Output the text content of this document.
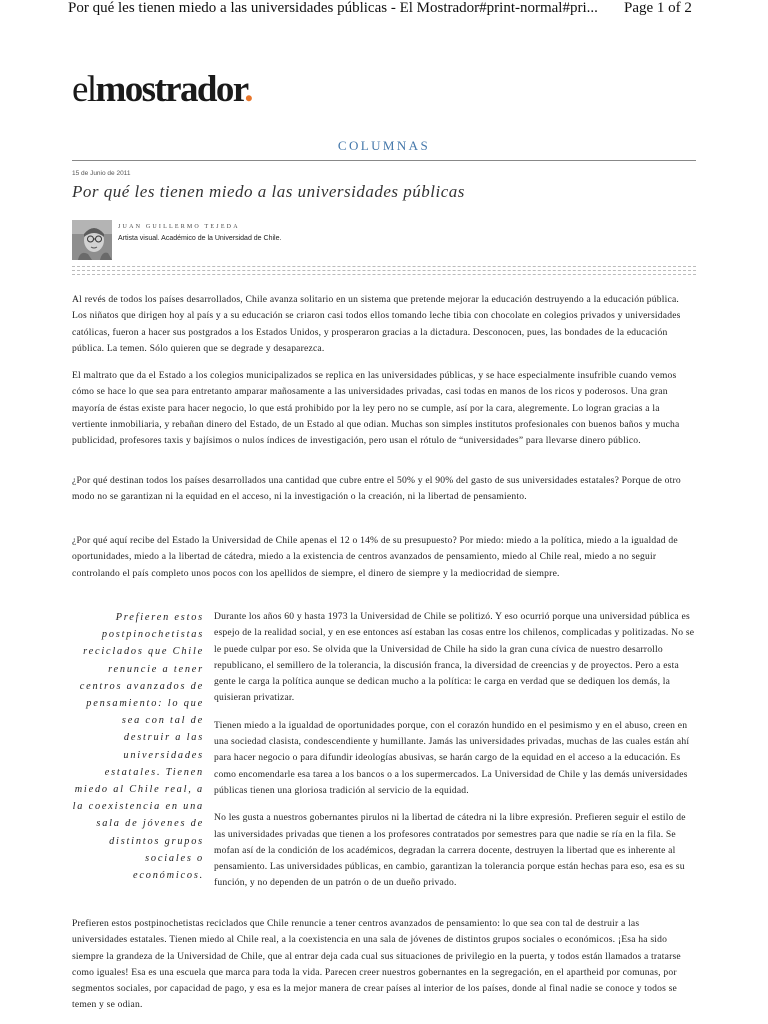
Por qué les tienen miedo a las universidades públicas - El Mostrador#print-normal#pri... Page 1 of 2
elmostrador.
COLUMNAS
15 de Junio de 2011
Por qué les tienen miedo a las universidades públicas
JUAN GUILLERMO TEJEDA
Artista visual. Académico de la Universidad de Chile.

Al revés de todos los países desarrollados, Chile avanza solitario en un sistema que pretende mejorar la educación destruyendo a la educación pública. Los niñatos que dirigen hoy al país y a su educación se criaron casi todos ellos tomando leche tibia con chocolate en colegios privados y universidades católicas, fueron a hacer sus postgrados a los Estados Unidos, y prosperaron gracias a la dictadura. Desconocen, pues, las bondades de la educación pública. La temen. Sólo quieren que se degrade y desaparezca.

El maltrato que da el Estado a los colegios municipalizados se replica en las universidades públicas, y se hace especialmente insufrible cuando vemos cómo se hace lo que sea para entretanto amparar mañosamente a las universidades privadas, casi todas en manos de los ricos y poderosos. Una gran mayoría de éstas existe para hacer negocio, lo que está prohibido por la ley pero no se cumple, así por la cara, alegremente. Lo logran gracias a la vertiente inmobiliaria, y rebañan dinero del Estado, de un Estado al que odian. Muchas son simples institutos profesionales con buenos baños y mucha publicidad, profesores taxis y bajísimos o nulos índices de investigación, pero usan el rótulo de “universidades” para llevarse dinero público.

¿Por qué destinan todos los países desarrollados una cantidad que cubre entre el 50% y el 90% del gasto de sus universidades estatales? Porque de otro modo no se garantizan ni la equidad en el acceso, ni la investigación o la creación, ni la libertad de pensamiento.

¿Por qué aquí recibe del Estado la Universidad de Chile apenas el 12 o 14% de su presupuesto? Por miedo: miedo a la política, miedo a la igualdad de oportunidades, miedo a la libertad de cátedra, miedo a la existencia de centros avanzados de pensamiento, miedo al Chile real, miedo a no seguir controlando el país completo unos pocos con los apellidos de siempre, el dinero de siempre y la mediocridad de siempre.

Prefieren estos postpinochetistas reciclados que Chile renuncie a tener centros avanzados de pensamiento: lo que sea con tal de destruir a las universidades estatales. Tienen miedo al Chile real, a la coexistencia en una sala de jóvenes de distintos grupos sociales o económicos.

Durante los años 60 y hasta 1973 la Universidad de Chile se politizó. Y eso ocurrió porque una universidad pública es espejo de la realidad social, y en ese entonces así estaban las cosas entre los chilenos, complicadas y politizadas. No se le puede culpar por eso. Se olvida que la Universidad de Chile ha sido la gran cuna cívica de nuestro desarrollo republicano, el semillero de la tolerancia, la discusión franca, la diversidad de creencias y de proyectos. Pero a esta gente le carga la política aunque se dedican mucho a la política: le carga en verdad que se dediquen los demás, la quisieran privatizar.

Tienen miedo a la igualdad de oportunidades porque, con el corazón hundido en el pesimismo y en el abuso, creen en una sociedad clasista, condescendiente y humillante. Jamás las universidades privadas, muchas de las cuales están ahí para hacer negocio o para difundir ideologías abusivas, se harán cargo de la equidad en el acceso a la educación. Es como encomendarle esa tarea a los bancos o a los supermercados. La Universidad de Chile y las demás universidades públicas tienen una gloriosa tradición al servicio de la equidad.

No les gusta a nuestros gobernantes pirulos ni la libertad de cátedra ni la libre expresión. Prefieren seguir el estilo de las universidades privadas que tienen a los profesores contratados por semestres para que nadie se ría en la fila. Se mofan así de la condición de los académicos, degradan la carrera docente, destruyen la libertad que es inherente al pensamiento. Las universidades públicas, en cambio, garantizan la tolerancia porque están hechas para eso, esa es su función, y no dependen de un patrón o de un dueño privado.

Prefieren estos postpinochetistas reciclados que Chile renuncie a tener centros avanzados de pensamiento: lo que sea con tal de destruir a las universidades estatales. Tienen miedo al Chile real, a la coexistencia en una sala de jóvenes de distintos grupos sociales o económicos. ¡Esa ha sido siempre la grandeza de la Universidad de Chile, que al entrar deja cada cual sus situaciones de privilegio en la puerta, y todos están llamados a tratarse como iguales! Esa es una escuela que marca para toda la vida. Parecen creer nuestros gobernantes en la segregación, en el apartheid por comunas, por segmentos sociales, por capacidad de pago, y esa es la mejor manera de crear países al interior de los países, donde al final nadie se conoce y todos se temen y se odian.
